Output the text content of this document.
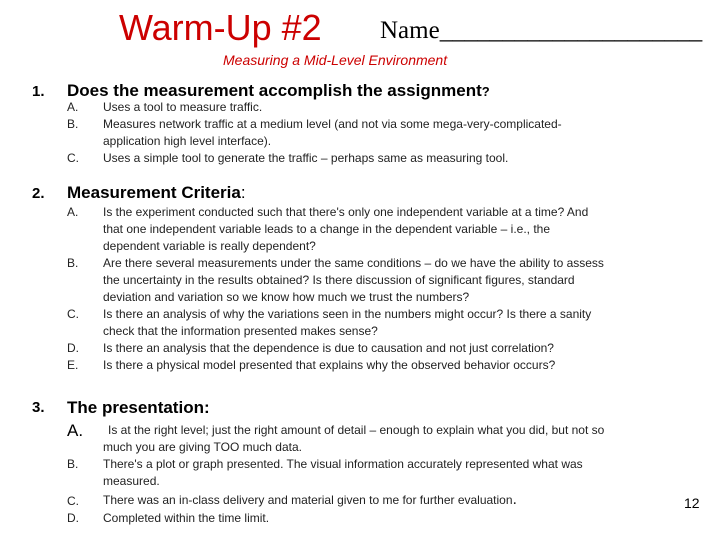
Warm-Up #2 Name_____________________
Measuring a Mid-Level Environment
1. Does the measurement accomplish the assignment?
A. Uses a tool to measure traffic.
B. Measures network traffic at a medium level (and not via some mega-very-complicated-
application high level interface).
C. Uses a simple tool to generate the traffic – perhaps same as measuring tool.
2. Measurement Criteria:
A. Is the experiment conducted such that there's only one independent variable at a time? And
that one independent variable leads to a change in the dependent variable – i.e., the
dependent variable is really dependent?
B. Are there several measurements under the same conditions – do we have the ability to assess
the uncertainty in the results obtained? Is there discussion of significant figures, standard
deviation and variation so we know how much we trust the numbers?
C. Is there an analysis of why the variations seen in the numbers might occur? Is there a sanity
check that the information presented makes sense?
D. Is there an analysis that the dependence is due to causation and not just correlation?
E. Is there a physical model presented that explains why the observed behavior occurs?
3. The presentation:
A. Is at the right level; just the right amount of detail – enough to explain what you did, but not so
much you are giving TOO much data.
B. There's a plot or graph presented. The visual information accurately represented what was
measured.
C. There was an in-class delivery and material given to me for further evaluation.
D. Completed within the time limit.
12
